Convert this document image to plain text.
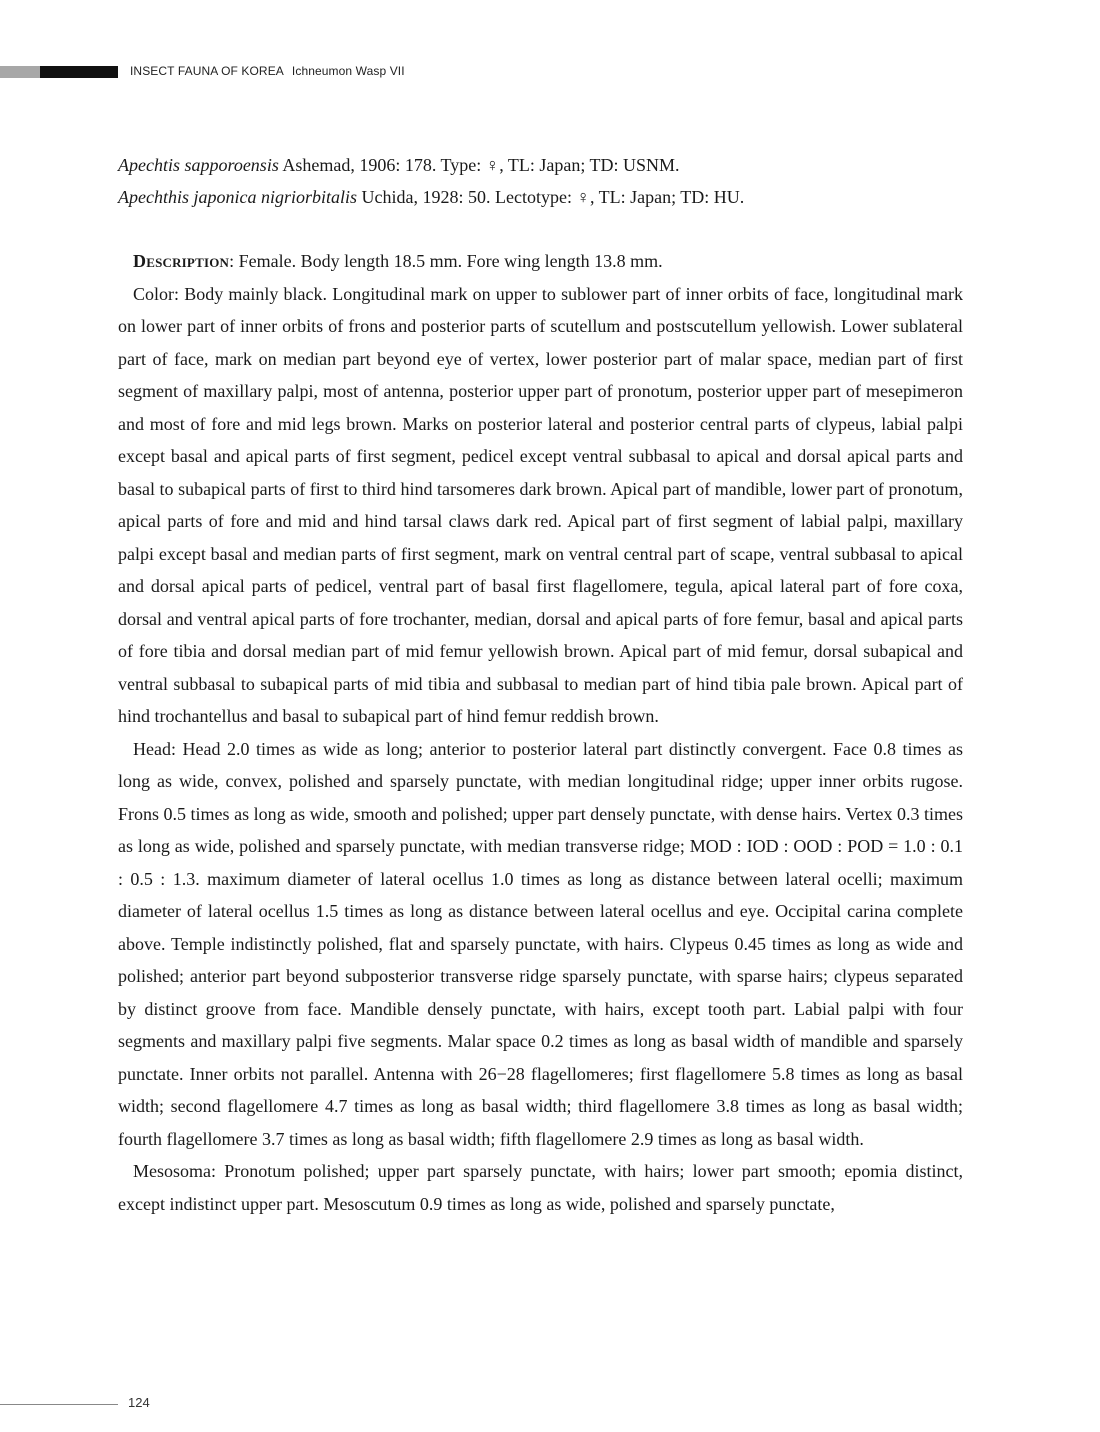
INSECT FAUNA OF KOREA Ichneumon Wasp VII
Apechtis sapporoensis Ashemad, 1906: 178. Type: ♀, TL: Japan; TD: USNM.
Apechthis japonica nigriorbitalis Uchida, 1928: 50. Lectotype: ♀, TL: Japan; TD: HU.

Description: Female. Body length 18.5 mm. Fore wing length 13.8 mm.

Color: Body mainly black. Longitudinal mark on upper to sublower part of inner orbits of face, longitudinal mark on lower part of inner orbits of frons and posterior parts of scutellum and postscutellum yellowish. Lower sublateral part of face, mark on median part beyond eye of vertex, lower posterior part of malar space, median part of first segment of maxillary palpi, most of antenna, posterior upper part of pronotum, posterior upper part of mesepimeron and most of fore and mid legs brown. Marks on posterior lateral and posterior central parts of clypeus, labial palpi except basal and apical parts of first segment, pedicel except ventral subbasal to apical and dorsal apical parts and basal to subapical parts of first to third hind tarsomeres dark brown. Apical part of mandible, lower part of pronotum, apical parts of fore and mid and hind tarsal claws dark red. Apical part of first segment of labial palpi, maxillary palpi except basal and median parts of first segment, mark on ventral central part of scape, ventral subbasal to apical and dorsal apical parts of pedicel, ventral part of basal first flagellomere, tegula, apical lateral part of fore coxa, dorsal and ventral apical parts of fore trochanter, median, dorsal and apical parts of fore femur, basal and apical parts of fore tibia and dorsal median part of mid femur yellowish brown. Apical part of mid femur, dorsal subapical and ventral subbasal to subapical parts of mid tibia and subbasal to median part of hind tibia pale brown. Apical part of hind trochantellus and basal to subapical part of hind femur reddish brown.

Head: Head 2.0 times as wide as long; anterior to posterior lateral part distinctly convergent. Face 0.8 times as long as wide, convex, polished and sparsely punctate, with median longitudinal ridge; upper inner orbits rugose. Frons 0.5 times as long as wide, smooth and polished; upper part densely punctate, with dense hairs. Vertex 0.3 times as long as wide, polished and sparsely punctate, with median transverse ridge; MOD : IOD : OOD : POD = 1.0 : 0.1 : 0.5 : 1.3. maximum diameter of lateral ocellus 1.0 times as long as distance between lateral ocelli; maximum diameter of lateral ocellus 1.5 times as long as distance between lateral ocellus and eye. Occipital carina complete above. Temple indistinctly polished, flat and sparsely punctate, with hairs. Clypeus 0.45 times as long as wide and polished; anterior part beyond subposterior transverse ridge sparsely punctate, with sparse hairs; clypeus separated by distinct groove from face. Mandible densely punctate, with hairs, except tooth part. Labial palpi with four segments and maxillary palpi five segments. Malar space 0.2 times as long as basal width of mandible and sparsely punctate. Inner orbits not parallel. Antenna with 26−28 flagellomeres; first flagellomere 5.8 times as long as basal width; second flagellomere 4.7 times as long as basal width; third flagellomere 3.8 times as long as basal width; fourth flagellomere 3.7 times as long as basal width; fifth flagellomere 2.9 times as long as basal width.

Mesosoma: Pronotum polished; upper part sparsely punctate, with hairs; lower part smooth; epomia distinct, except indistinct upper part. Mesoscutum 0.9 times as long as wide, polished and sparsely punctate,

124
